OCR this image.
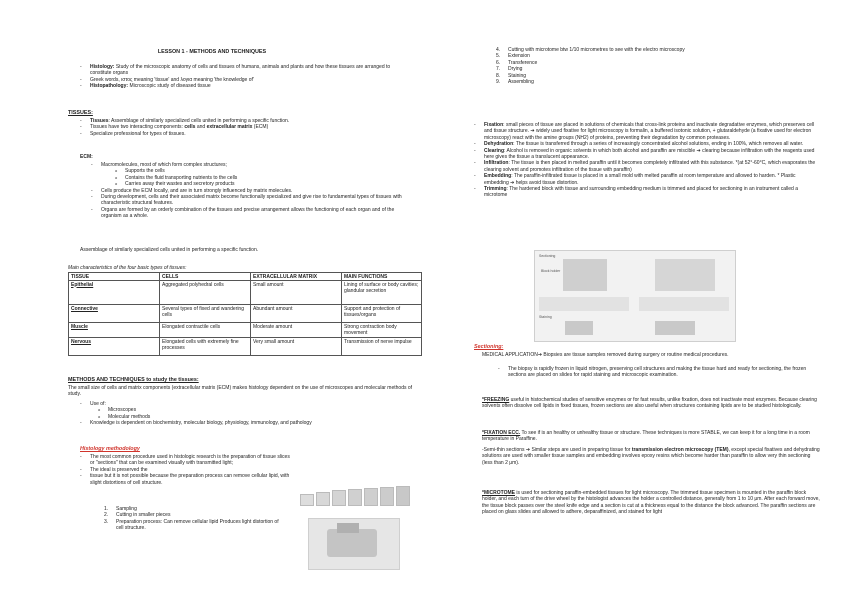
LESSON 1 - METHODS AND TECHNIQUES
- Histology: Study of the microscopic anatomy of cells and tissues of humans, animals and plants and how these tissues are arranged to constitute organs
- Greek words, ιστος meaning 'tissue' and λογια meaning 'the knowledge of'
- Histopathology: Microscopic study of diseased tissue
TISSUES:
- Tissues: Assemblage of similarly specialized cells united in performing a specific function.
- Tissues have two interacting components: cells and extracellular matrix (ECM)
- Specialize professional for types of tissues.
ECM:
- Macromolecules, most of which form complex structures;
o Supports the cells
o Contains the fluid transporting nutrients to the cells
o Carries away their wastes and secretory products
- Cells produce the ECM locally, and are in turn strongly influenced by matrix molecules.
- During development, cells and their associated matrix become functionally specialized and give rise to fundamental types of tissues with characteristic structural features.
- Organs are formed by an orderly combination of the tissues and precise arrangement allows the functioning of each organ and of the organism as a whole.
Assemblage of similarly specialized cells united in performing a specific function.
Main characteristics of the four basic types of tissues:
TISSUE	CELLS	EXTRACELLULAR MATRIX	MAIN FUNCTIONS
Epithelial	Aggregated polyhedral cells	Small amount	Lining of surface or body cavities; glandular secretion
Connective	Several types of fixed and wandering cells	Abundant amount	Support and protection of tissues/organs
Muscle	Elongated contractile cells	Moderate amount	Strong contraction body movement
Nervous	Elongated cells with extremely fine processes	Very small amount	Transmission of nerve impulse
METHODS AND TECHNIQUES to study the tissues:
The small size of cells and matrix components (extracellular matrix (ECM) makes histology dependent on the use of microscopes and molecular methods of study.
- Use of:
o Microscopes
o Molecular methods
- Knowledge is dependent on biochemistry, molecular biology, physiology, immunology, and pathology
Histology methodology
- The most common procedure used in histologic research is the preparation of tissue slices or "sections" that can be examined visually with transmitted light;
- The ideal is preserved the
- tissue but it is not possible because the preparation process can remove cellular lipid, with slight distortions of cell structure.
1. Sampling
2. Cutting in smaller pieces
3. Preparation process: Can remove cellular lipid Produces light distortion of cell structure.
4. Cutting with microtome btw 1/10 micrometres to see with the electro microscopy
5. Extension
6. Transference
7. Drying
8. Staining
9. Assembling
- Fixation: small pieces of tissue are placed in solutions of chemicals that cross-link proteins and inactivate degradative enzymes, which preserves cell and tissue structure. ➔ widely used fixative for light microscopy is formalin, a buffered isotonic solution, + glutaraldehyde (a fixative used for electron microscopy) react with the amine groups (NH2) of proteins, preventing their degradation by common proteases.
- Dehydration: The tissue is transferred through a series of increasingly concentrated alcohol solutions, ending in 100%, which removes all water.
- Clearing: Alcohol is removed in organic solvents in which both alcohol and paraffin are miscible ➔ clearing because infiltration with the reagents used here gives the tissue a translucent appearance.
- Infiltration: The tissue is then placed in melted paraffin until it becomes completely infiltrated with this substance. *(at 52°-60°C, which evaporates the clearing solvent and promotes infiltration of the tissue with paraffin)
- Embedding: The paraffin-infiltrated tissue is placed in a small mold with melted paraffin at room temperature and allowed to harden. * Plastic embedding ➔ helps avoid tissue distortion.
- Trimming: The hardened block with tissue and surrounding embedding medium is trimmed and placed for sectioning in an instrument called a microtome
Sectioning
Block holder
Staining
Sectioning:
MEDICAL APPLICATION➔ Biopsies are tissue samples removed during surgery or routine medical procedures.
- The biopsy is rapidly frozen in liquid nitrogen, preserving cell structures and making the tissue hard and ready for sectioning, the frozen sections are placed on slides for rapid staining and microscopic examination.
*FREEZING useful in histochemical studies of sensitive enzymes or for fast results, unlike fixation, does not inactivate most enzymes. Because clearing solvents often dissolve cell lipids in fixed tissues, frozen sections are also useful when structures containing lipids are to be studied histologically.
*FIXATION ECC. To see if is an healthy or unhealthy tissue or structure. These techniques is more STABLE, we can keep it for a long time in a room temperature in Paraffine.
-Semi-thin sections ➔ Similar steps are used in preparing tissue for transmission electron microscopy (TEM), except special fixatives and dehydrating solutions are used with smaller tissue samples and embedding involves epoxy resins which become harder than paraffin to allow very thin sectioning (less than 2 μm).
*MICROTOME is used for sectioning paraffin-embedded tissues for light microscopy. The trimmed tissue specimen is mounted in the paraffin block holder, and each turn of the drive wheel by the histologist advances the holder a controlled distance, generally from 1 to 10 μm. After each forward move, the tissue block passes over the steel knife edge and a section is cut at a thickness equal to the distance the block advanced. The paraffin sections are placed on glass slides and allowed to adhere, deparaffinized, and stained for light
